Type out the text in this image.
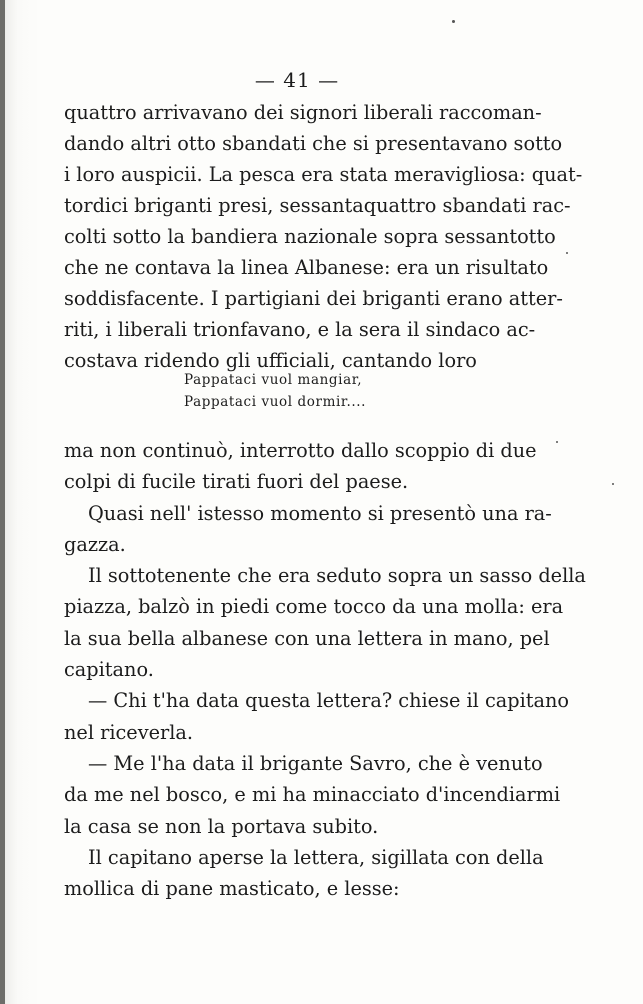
— 41 —
quattro arrivavano dei signori liberali raccoman-
dando altri otto sbandati che si presentavano sotto
i loro auspicii. La pesca era stata meravigliosa: quat-
tordici briganti presi, sessantaquattro sbandati rac-
colti sotto la bandiera nazionale sopra sessantotto
che ne contava la linea Albanese: era un risultato
soddisfacente. I partigiani dei briganti erano atter-
riti, i liberali trionfavano, e la sera il sindaco ac-
costava ridendo gli ufficiali, cantando loro
Pappataci vuol mangiar,
Pappataci vuol dormir....
ma non continuò, interrotto dallo scoppio di due
colpi di fucile tirati fuori del paese.
Quasi nell' istesso momento si presentò una ra-
gazza.
Il sottotenente che era seduto sopra un sasso della
piazza, balzò in piedi come tocco da una molla: era
la sua bella albanese con una lettera in mano, pel
capitano.
— Chi t'ha data questa lettera? chiese il capitano
nel riceverla.
— Me l'ha data il brigante Savro, che è venuto
da me nel bosco, e mi ha minacciato d'incendiarmi
la casa se non la portava subito.
Il capitano aperse la lettera, sigillata con della
mollica di pane masticato, e lesse:
